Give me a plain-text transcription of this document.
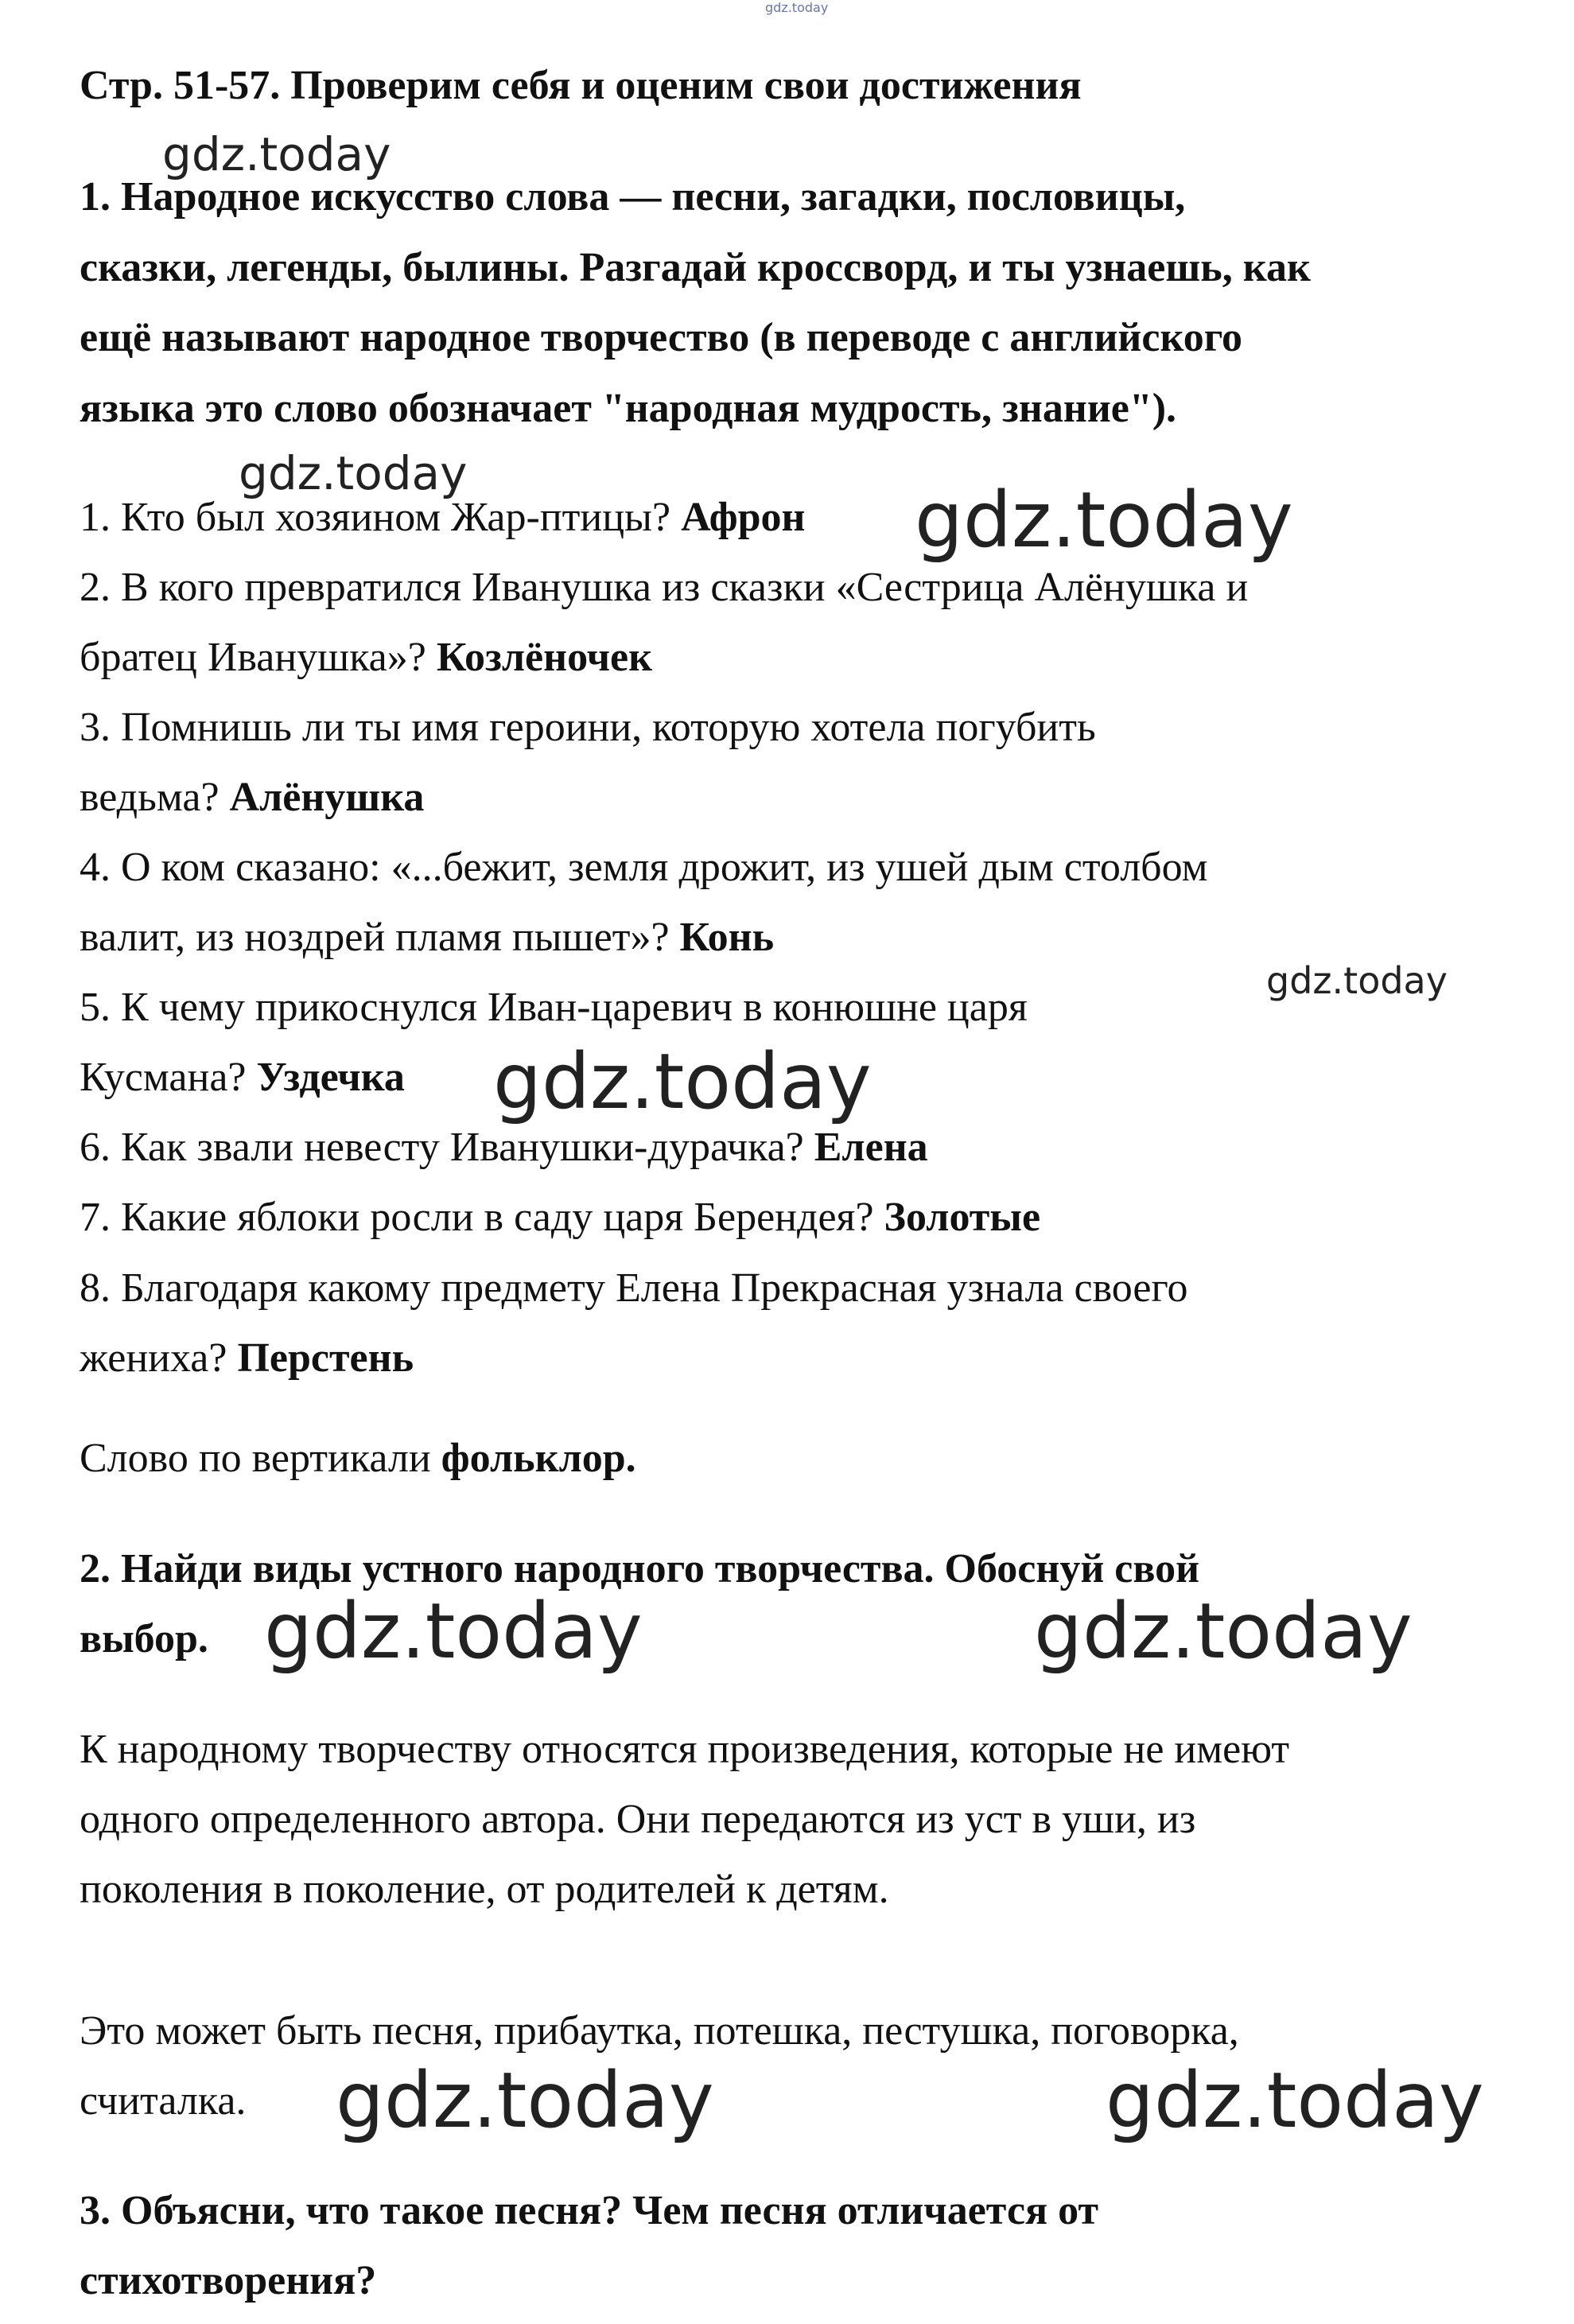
gdz.today
Стр. 51-57. Проверим себя и оценим свои достижения
1. Народное искусство слова — песни, загадки, пословицы,
сказки, легенды, былины. Разгадай кроссворд, и ты узнаешь, как
ещё называют народное творчество (в переводе с английского
языка это слово обозначает "народная мудрость, знание").
1. Кто был хозяином Жар-птицы? Афрон
2. В кого превратился Иванушка из сказки «Сестрица Алёнушка и
братец Иванушка»? Козлёночек
3. Помнишь ли ты имя героини, которую хотела погубить
ведьма? Алёнушка
4. О ком сказано: «...бежит, земля дрожит, из ушей дым столбом
валит, из ноздрей пламя пышет»? Конь
5. К чему прикоснулся Иван-царевич в конюшне царя
Кусмана? Уздечка
6. Как звали невесту Иванушки-дурачка? Елена
7. Какие яблоки росли в саду царя Берендея? Золотые
8. Благодаря какому предмету Елена Прекрасная узнала своего
жениха? Перстень
Слово по вертикали фольклор.
2. Найди виды устного народного творчества. Обоснуй свой
выбор.
К народному творчеству относятся произведения, которые не имеют
одного определенного автора. Они передаются из уст в уши, из
поколения в поколение, от родителей к детям.
Это может быть песня, прибаутка, потешка, пестушка, поговорка,
считалка.
3. Объясни, что такое песня? Чем песня отличается от
стихотворения?
gdz.today
gdz.today
gdz.today
gdz.today
gdz.today
gdz.today	gdz.today
gdz.today	gdz.today
